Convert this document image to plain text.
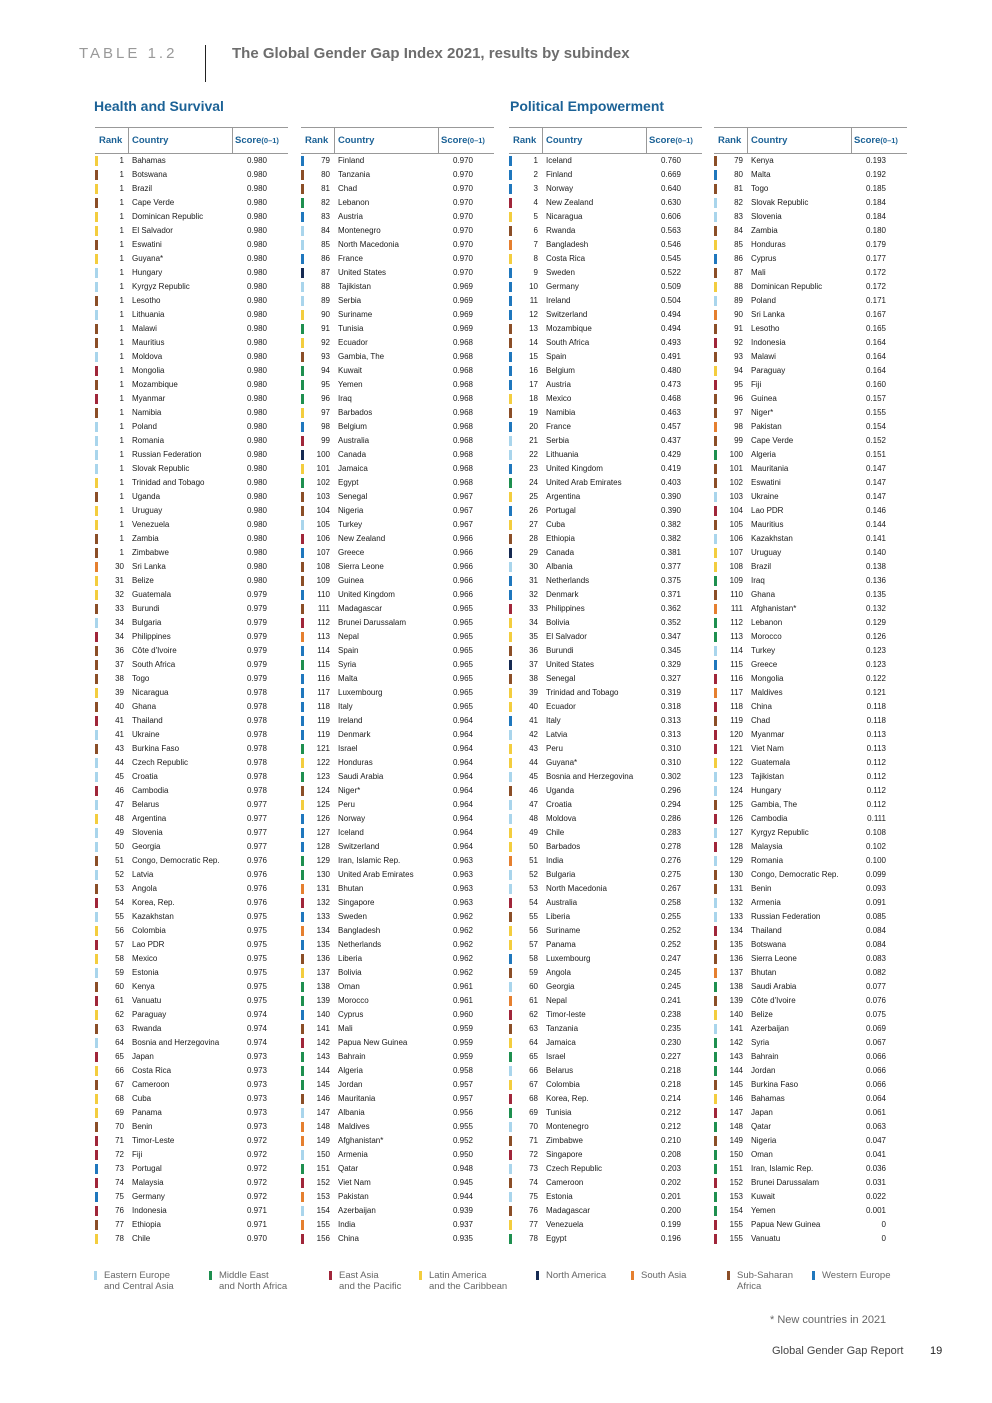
TABLE 1.2	The Global Gender Gap Index 2021, results by subindex
Health and Survival	Political Empowerment
Rank Country	Score(0–1)
1 Bahamas	0.980
1 Botswana	0.980
1 Brazil	0.980
1 Cape Verde	0.980
1 Dominican Republic	0.980
1 El Salvador	0.980
1 Eswatini	0.980
1 Guyana*	0.980
1 Hungary	0.980
1 Kyrgyz Republic	0.980
1 Lesotho	0.980
1 Lithuania	0.980
1 Malawi	0.980
1 Mauritius	0.980
1 Moldova	0.980
1 Mongolia	0.980
1 Mozambique	0.980
1 Myanmar	0.980
1 Namibia	0.980
1 Poland	0.980
1 Romania	0.980
1 Russian Federation	0.980
1 Slovak Republic	0.980
1 Trinidad and Tobago	0.980
1 Uganda	0.980
1 Uruguay	0.980
1 Venezuela	0.980
1 Zambia	0.980
1 Zimbabwe	0.980
30 Sri Lanka	0.980
31 Belize	0.980
32 Guatemala	0.979
33 Burundi	0.979
34 Bulgaria	0.979
34 Philippines	0.979
36 Côte d'Ivoire	0.979
37 South Africa	0.979
38 Togo	0.979
39 Nicaragua	0.978
40 Ghana	0.978
41 Thailand	0.978
41 Ukraine	0.978
43 Burkina Faso	0.978
44 Czech Republic	0.978
45 Croatia	0.978
46 Cambodia	0.978
47 Belarus	0.977
48 Argentina	0.977
49 Slovenia	0.977
50 Georgia	0.977
51 Congo, Democratic Rep.	0.976
52 Latvia	0.976
53 Angola	0.976
54 Korea, Rep.	0.976
55 Kazakhstan	0.975
56 Colombia	0.975
57 Lao PDR	0.975
58 Mexico	0.975
59 Estonia	0.975
60 Kenya	0.975
61 Vanuatu	0.975
62 Paraguay	0.974
63 Rwanda	0.974
64 Bosnia and Herzegovina	0.974
65 Japan	0.973
66 Costa Rica	0.973
67 Cameroon	0.973
68 Cuba	0.973
69 Panama	0.973
70 Benin	0.973
71 Timor-Leste	0.972
72 Fiji	0.972
73 Portugal	0.972
74 Malaysia	0.972
75 Germany	0.972
76 Indonesia	0.971
77 Ethiopia	0.971
78 Chile	0.970
Rank Country	Score(0–1)
79 Finland	0.970
80 Tanzania	0.970
81 Chad	0.970
82 Lebanon	0.970
83 Austria	0.970
84 Montenegro	0.970
85 North Macedonia	0.970
86 France	0.970
87 United States	0.970
88 Tajikistan	0.969
89 Serbia	0.969
90 Suriname	0.969
91 Tunisia	0.969
92 Ecuador	0.968
93 Gambia, The	0.968
94 Kuwait	0.968
95 Yemen	0.968
96 Iraq	0.968
97 Barbados	0.968
98 Belgium	0.968
99 Australia	0.968
100 Canada	0.968
101 Jamaica	0.968
102 Egypt	0.968
103 Senegal	0.967
104 Nigeria	0.967
105 Turkey	0.967
106 New Zealand	0.966
107 Greece	0.966
108 Sierra Leone	0.966
109 Guinea	0.966
110 United Kingdom	0.966
111 Madagascar	0.965
112 Brunei Darussalam	0.965
113 Nepal	0.965
114 Spain	0.965
115 Syria	0.965
116 Malta	0.965
117 Luxembourg	0.965
118 Italy	0.965
119 Ireland	0.964
119 Denmark	0.964
121 Israel	0.964
122 Honduras	0.964
123 Saudi Arabia	0.964
124 Niger*	0.964
125 Peru	0.964
126 Norway	0.964
127 Iceland	0.964
128 Switzerland	0.964
129 Iran, Islamic Rep.	0.963
130 United Arab Emirates	0.963
131 Bhutan	0.963
132 Singapore	0.963
133 Sweden	0.962
134 Bangladesh	0.962
135 Netherlands	0.962
136 Liberia	0.962
137 Bolivia	0.962
138 Oman	0.961
139 Morocco	0.961
140 Cyprus	0.960
141 Mali	0.959
142 Papua New Guinea	0.959
143 Bahrain	0.959
144 Algeria	0.958
145 Jordan	0.957
146 Mauritania	0.957
147 Albania	0.956
148 Maldives	0.955
149 Afghanistan*	0.952
150 Armenia	0.950
151 Qatar	0.948
152 Viet Nam	0.945
153 Pakistan	0.944
154 Azerbaijan	0.939
155 India	0.937
156 China	0.935
Rank Country	Score(0–1)
1 Iceland	0.760
2 Finland	0.669
3 Norway	0.640
4 New Zealand	0.630
5 Nicaragua	0.606
6 Rwanda	0.563
7 Bangladesh	0.546
8 Costa Rica	0.545
9 Sweden	0.522
10 Germany	0.509
11 Ireland	0.504
12 Switzerland	0.494
13 Mozambique	0.494
14 South Africa	0.493
15 Spain	0.491
16 Belgium	0.480
17 Austria	0.473
18 Mexico	0.468
19 Namibia	0.463
20 France	0.457
21 Serbia	0.437
22 Lithuania	0.429
23 United Kingdom	0.419
24 United Arab Emirates	0.403
25 Argentina	0.390
26 Portugal	0.390
27 Cuba	0.382
28 Ethiopia	0.382
29 Canada	0.381
30 Albania	0.377
31 Netherlands	0.375
32 Denmark	0.371
33 Philippines	0.362
34 Bolivia	0.352
35 El Salvador	0.347
36 Burundi	0.345
37 United States	0.329
38 Senegal	0.327
39 Trinidad and Tobago	0.319
40 Ecuador	0.318
41 Italy	0.313
42 Latvia	0.313
43 Peru	0.310
44 Guyana*	0.310
45 Bosnia and Herzegovina	0.302
46 Uganda	0.296
47 Croatia	0.294
48 Moldova	0.286
49 Chile	0.283
50 Barbados	0.278
51 India	0.276
52 Bulgaria	0.275
53 North Macedonia	0.267
54 Australia	0.258
55 Liberia	0.255
56 Suriname	0.252
57 Panama	0.252
58 Luxembourg	0.247
59 Angola	0.245
60 Georgia	0.245
61 Nepal	0.241
62 Timor-leste	0.238
63 Tanzania	0.235
64 Jamaica	0.230
65 Israel	0.227
66 Belarus	0.218
67 Colombia	0.218
68 Korea, Rep.	0.214
69 Tunisia	0.212
70 Montenegro	0.212
71 Zimbabwe	0.210
72 Singapore	0.208
73 Czech Republic	0.203
74 Cameroon	0.202
75 Estonia	0.201
76 Madagascar	0.200
77 Venezuela	0.199
78 Egypt	0.196
Rank Country	Score(0–1)
79 Kenya	0.193
80 Malta	0.192
81 Togo	0.185
82 Slovak Republic	0.184
83 Slovenia	0.184
84 Zambia	0.180
85 Honduras	0.179
86 Cyprus	0.177
87 Mali	0.172
88 Dominican Republic	0.172
89 Poland	0.171
90 Sri Lanka	0.167
91 Lesotho	0.165
92 Indonesia	0.164
93 Malawi	0.164
94 Paraguay	0.164
95 Fiji	0.160
96 Guinea	0.157
97 Niger*	0.155
98 Pakistan	0.154
99 Cape Verde	0.152
100 Algeria	0.151
101 Mauritania	0.147
102 Eswatini	0.147
103 Ukraine	0.147
104 Lao PDR	0.146
105 Mauritius	0.144
106 Kazakhstan	0.141
107 Uruguay	0.140
108 Brazil	0.138
109 Iraq	0.136
110 Ghana	0.135
111 Afghanistan*	0.132
112 Lebanon	0.129
113 Morocco	0.126
114 Turkey	0.123
115 Greece	0.123
116 Mongolia	0.122
117 Maldives	0.121
118 China	0.118
119 Chad	0.118
120 Myanmar	0.113
121 Viet Nam	0.113
122 Guatemala	0.112
123 Tajikistan	0.112
124 Hungary	0.112
125 Gambia, The	0.112
126 Cambodia	0.111
127 Kyrgyz Republic	0.108
128 Malaysia	0.102
129 Romania	0.100
130 Congo, Democratic Rep.	0.099
131 Benin	0.093
132 Armenia	0.091
133 Russian Federation	0.085
134 Thailand	0.084
135 Botswana	0.084
136 Sierra Leone	0.083
137 Bhutan	0.082
138 Saudi Arabia	0.077
139 Côte d'Ivoire	0.076
140 Belize	0.075
141 Azerbaijan	0.069
142 Syria	0.067
143 Bahrain	0.066
144 Jordan	0.066
145 Burkina Faso	0.066
146 Bahamas	0.064
147 Japan	0.061
148 Qatar	0.063
149 Nigeria	0.047
150 Oman	0.041
151 Iran, Islamic Rep.	0.036
152 Brunei Darussalam	0.031
153 Kuwait	0.022
154 Yemen	0.001
155 Papua New Guinea	0
155 Vanuatu	0
Eastern Europe
and Central Asia
Middle East
and North Africa
East Asia
and the Pacific
Latin America
and the Caribbean
North America	South Asia	Sub-Saharan
Africa
Western Europe
* New countries in 2021
Global Gender Gap Report 19
